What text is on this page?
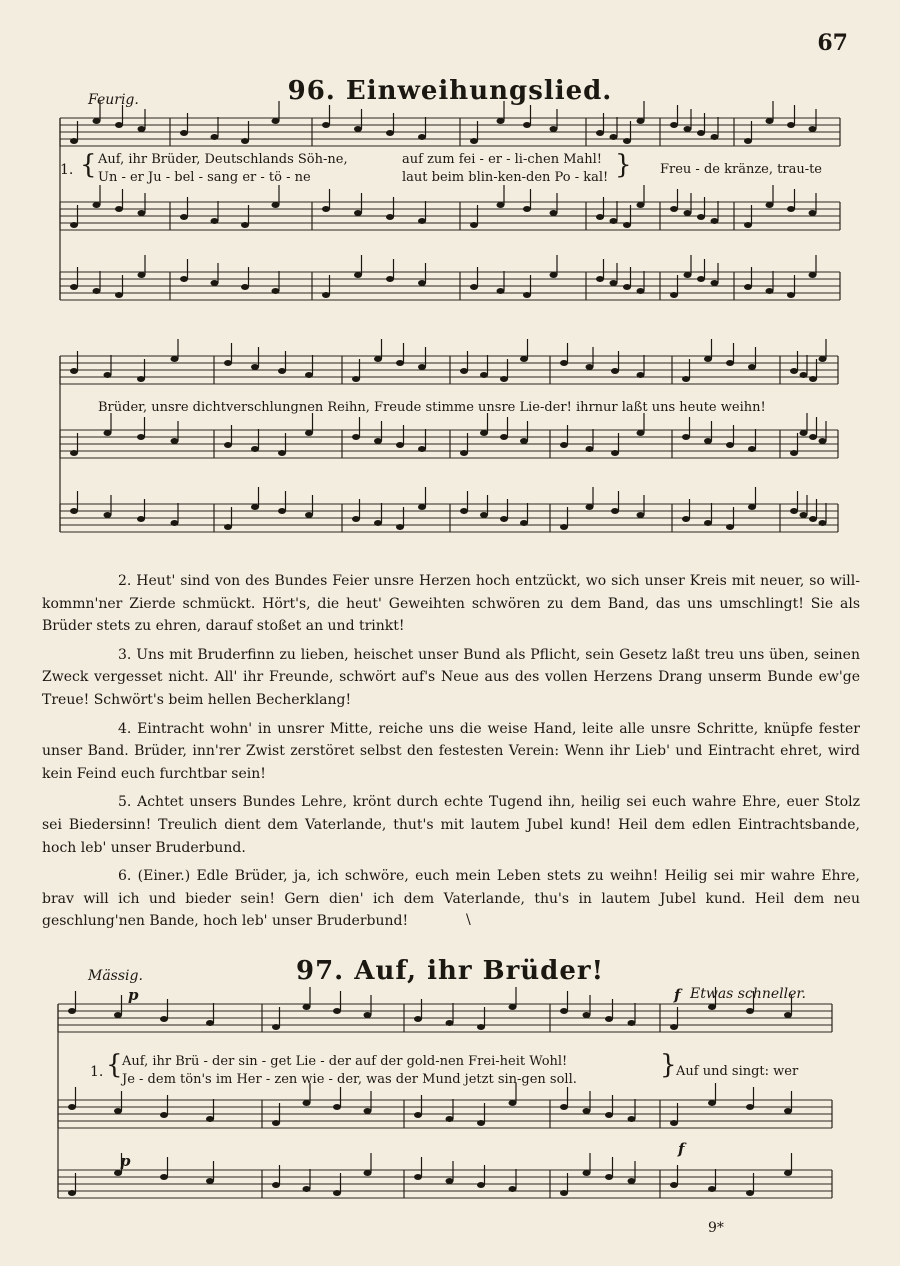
67
Feurig.	96. Einweihungslied.
1. { Auf, ihr Brüder, Deutschlands Söh-ne,	auf zum fei - er - li-chen Mahl!
Un - er Ju - bel - sang er - tö - ne	laut beim blin-ken-den Po - kal! } Freu - de kränze, trau-te
Brüder, unsre dichtverschlungnen Reihn, Freude stimme unsre Lie-der! ihrnur laßt uns heute weihn!

2. Heut' sind von des Bundes Feier unsre Herzen hoch entzückt, wo sich unser Kreis mit neuer, so will-kommn'ner Zierde schmückt. Hört's, die heut' Geweihten schwören zu dem Band, das uns umschlingt! Sie als Brüder stets zu ehren, darauf stoßet an und trinkt!

3. Uns mit Bruderfinn zu lieben, heischet unser Bund als Pflicht, sein Gesetz laßt treu uns üben, seinen Zweck vergesset nicht. All' ihr Freunde, schwört auf's Neue aus des vollen Herzens Drang unserm Bunde ew'ge Treue! Schwört's beim hellen Becherklang!

4. Eintracht wohn' in unsrer Mitte, reiche uns die weise Hand, leite alle unsre Schritte, knüpfe fester unser Band. Brüder, inn'rer Zwist zerstöret selbst den festesten Verein: Wenn ihr Lieb' und Eintracht ehret, wird kein Feind euch furchtbar sein!

5. Achtet unsers Bundes Lehre, krönt durch echte Tugend ihn, heilig sei euch wahre Ehre, euer Stolz sei Biedersinn! Treulich dient dem Vaterlande, thut's mit lautem Jubel kund! Heil dem edlen Eintrachtsbande, hoch leb' unser Bruderbund.

6. (Einer.) Edle Brüder, ja, ich schwöre, euch mein Leben stets zu weihn! Heilig sei mir wahre Ehre, brav will ich und bieder sein! Gern dien' ich dem Vaterlande, thu's in lautem Jubel kund. Heil dem neu geschlung'nen Bande, hoch leb' unser Bruderbund!

Mässig.	97. Auf, ihr Brüder!
p	f Etwas schneller.
1. { Auf, ihr Brü - der sin - get Lie - der auf der gold-nen Frei-heit Wohl!
Je - dem tön's im Her - zen wie - der, was der Mund jetzt sin-gen soll.	} Auf und singt: wer
p
f
\
9*
